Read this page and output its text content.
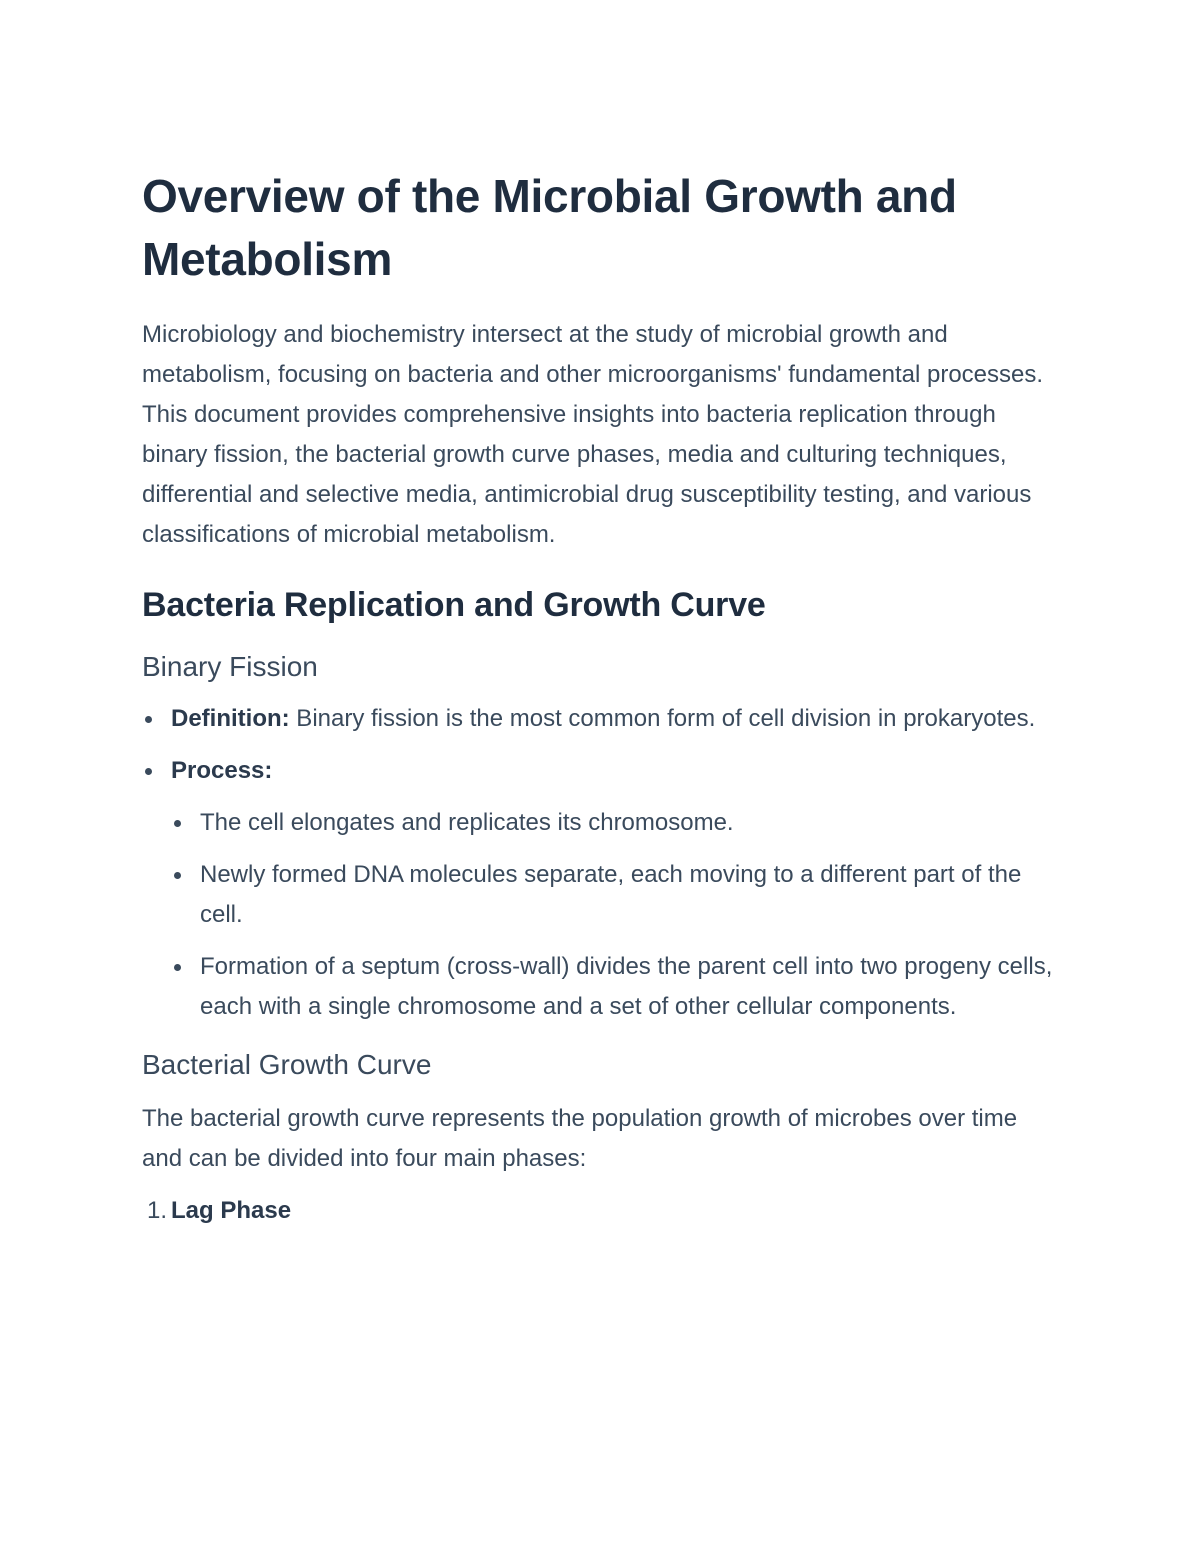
Overview of the Microbial Growth and Metabolism

Microbiology and biochemistry intersect at the study of microbial growth and metabolism, focusing on bacteria and other microorganisms' fundamental processes. This document provides comprehensive insights into bacteria replication through binary fission, the bacterial growth curve phases, media and culturing techniques, differential and selective media, antimicrobial drug susceptibility testing, and various classifications of microbial metabolism.

Bacteria Replication and Growth Curve
Binary Fission
Definition: Binary fission is the most common form of cell division in prokaryotes.
Process:
The cell elongates and replicates its chromosome.
Newly formed DNA molecules separate, each moving to a different part of the cell.
Formation of a septum (cross-wall) divides the parent cell into two progeny cells, each with a single chromosome and a set of other cellular components.
Bacterial Growth Curve

The bacterial growth curve represents the population growth of microbes over time and can be divided into four main phases:

1. Lag Phase
